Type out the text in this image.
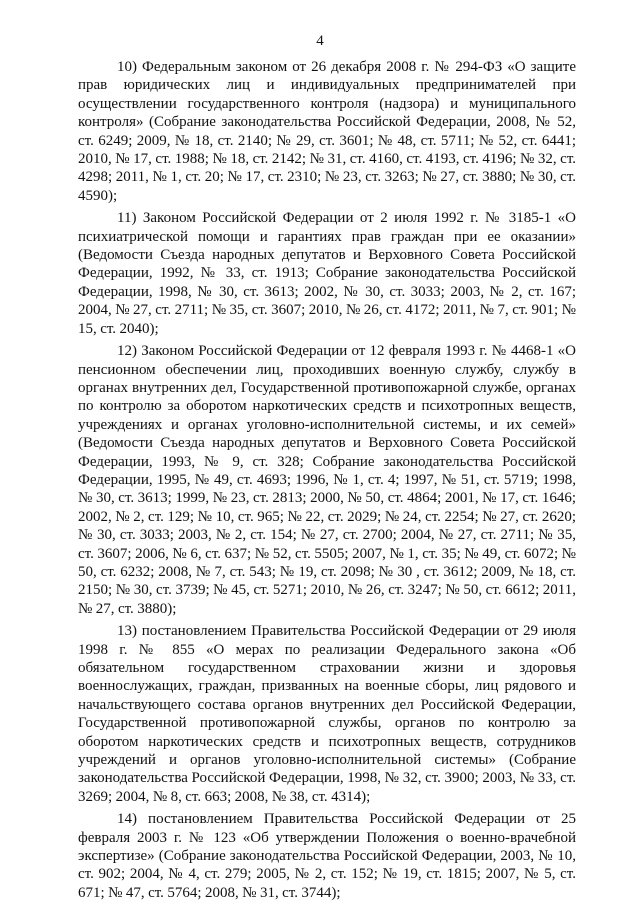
4

10) Федеральным законом от 26 декабря 2008 г. № 294-ФЗ «О защите прав юридических лиц и индивидуальных предпринимателей при осуществлении государственного контроля (надзора) и муниципального контроля» (Собрание законодательства Российской Федерации, 2008, № 52, ст. 6249; 2009, № 18, ст. 2140; № 29, ст. 3601; № 48, ст. 5711; № 52, ст. 6441; 2010, № 17, ст. 1988; № 18, ст. 2142; № 31, ст. 4160, ст. 4193, ст. 4196; № 32, ст. 4298; 2011, № 1, ст. 20; № 17, ст. 2310; № 23, ст. 3263; № 27, ст. 3880; № 30, ст. 4590);

11) Законом Российской Федерации от 2 июля 1992 г. № 3185-1 «О психиатрической помощи и гарантиях прав граждан при ее оказании» (Ведомости Съезда народных депутатов и Верховного Совета Российской Федерации, 1992, № 33, ст. 1913; Собрание законодательства Российской Федерации, 1998, № 30, ст. 3613; 2002, № 30, ст. 3033; 2003, № 2, ст. 167; 2004, № 27, ст. 2711; № 35, ст. 3607; 2010, № 26, ст. 4172; 2011, № 7, ст. 901; № 15, ст. 2040);

12) Законом Российской Федерации от 12 февраля 1993 г. № 4468-1 «О пенсионном обеспечении лиц, проходивших военную службу, службу в органах внутренних дел, Государственной противопожарной службе, органах по контролю за оборотом наркотических средств и психотропных веществ, учреждениях и органах уголовно-исполнительной системы, и их семей» (Ведомости Съезда народных депутатов и Верховного Совета Российской Федерации, 1993, № 9, ст. 328; Собрание законодательства Российской Федерации, 1995, № 49, ст. 4693; 1996, № 1, ст. 4; 1997, № 51, ст. 5719; 1998, № 30, ст. 3613; 1999, № 23, ст. 2813; 2000, № 50, ст. 4864; 2001, № 17, ст. 1646; 2002, № 2, ст. 129; № 10, ст. 965; № 22, ст. 2029; № 24, ст. 2254; № 27, ст. 2620; № 30, ст. 3033; 2003, № 2, ст. 154; № 27, ст. 2700; 2004, № 27, ст. 2711; № 35, ст. 3607; 2006, № 6, ст. 637; № 52, ст. 5505; 2007, № 1, ст. 35; № 49, ст. 6072; № 50, ст. 6232; 2008, № 7, ст. 543; № 19, ст. 2098; № 30 , ст. 3612; 2009, № 18, ст. 2150; № 30, ст. 3739; № 45, ст. 5271; 2010, № 26, ст. 3247; № 50, ст. 6612; 2011, № 27, ст. 3880);

13) постановлением Правительства Российской Федерации от 29 июля 1998 г. № 855 «О мерах по реализации Федерального закона «Об обязательном государственном страховании жизни и здоровья военнослужащих, граждан, призванных на военные сборы, лиц рядового и начальствующего состава органов внутренних дел Российской Федерации, Государственной противопожарной службы, органов по контролю за оборотом наркотических средств и психотропных веществ, сотрудников учреждений и органов уголовно-исполнительной системы» (Собрание законодательства Российской Федерации, 1998, № 32, ст. 3900; 2003, № 33, ст. 3269; 2004, № 8, ст. 663; 2008, № 38, ст. 4314);

14) постановлением Правительства Российской Федерации от 25 февраля 2003 г. № 123 «Об утверждении Положения о военно-врачебной экспертизе» (Собрание законодательства Российской Федерации, 2003, № 10, ст. 902; 2004, № 4, ст. 279; 2005, № 2, ст. 152; № 19, ст. 1815; 2007, № 5, ст. 671; № 47, ст. 5764; 2008, № 31, ст. 3744);
